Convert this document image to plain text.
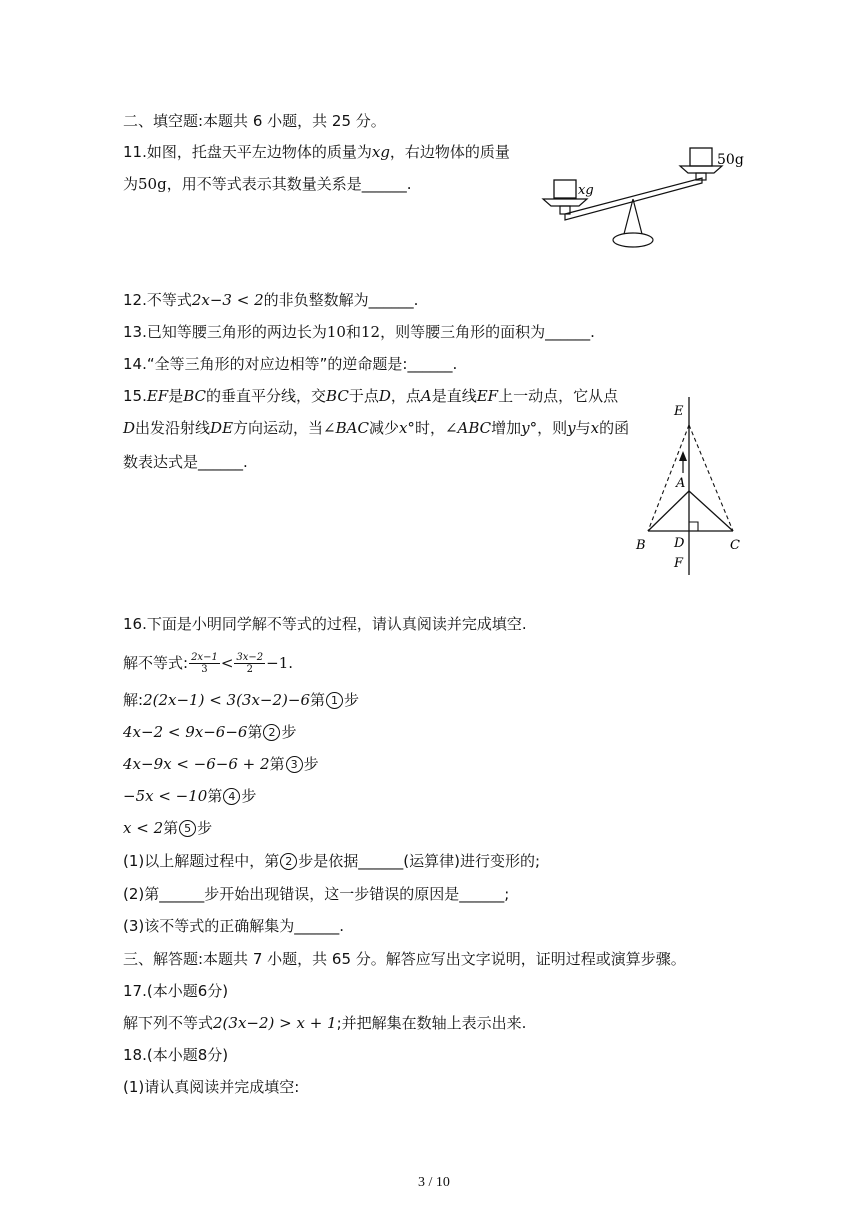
二、填空题:本题共 6 小题，共 25 分。
11.如图，托盘天平左边物体的质量为xg，右边物体的质量
为50g，用不等式表示其数量关系是______.
50g
xg
12.不等式2x−3 < 2的非负整数解为______.
13.已知等腰三角形的两边长为10和12，则等腰三角形的面积为______.
14.“全等三角形的对应边相等”的逆命题是:______.
15.EF是BC的垂直平分线，交BC于点D，点A是直线EF上一动点，它从点
D出发沿射线DE方向运动，当∠BAC减少x°时，∠ABC增加y°，则y与x的函
数表达式是______.
E
A
B D	C
F
16.下面是小明同学解不等式的过程，请认真阅读并完成填空.
解不等式: $\frac{2x-1}{3} < \frac{3x-2}{2} -1$.
解:2(2x−1) < 3(3x−2)−6第 1 步
4x−2 < 9x−6−6第 2 步
4x−9x < −6−6 + 2第 3 步
−5x < −10第 4 步
x < 2第 5 步
(1)以上解题过程中，第 2 步是依据______(运算律)进行变形的;
(2)第______步开始出现错误，这一步错误的原因是______;
(3)该不等式的正确解集为______.
三、解答题:本题共 7 小题，共 65 分。解答应写出文字说明，证明过程或演算步骤。
17.(本小题6分)
解下列不等式2(3x−2) > x + 1;并把解集在数轴上表示出来.
18.(本小题8分)
(1)请认真阅读并完成填空:
3 / 10
